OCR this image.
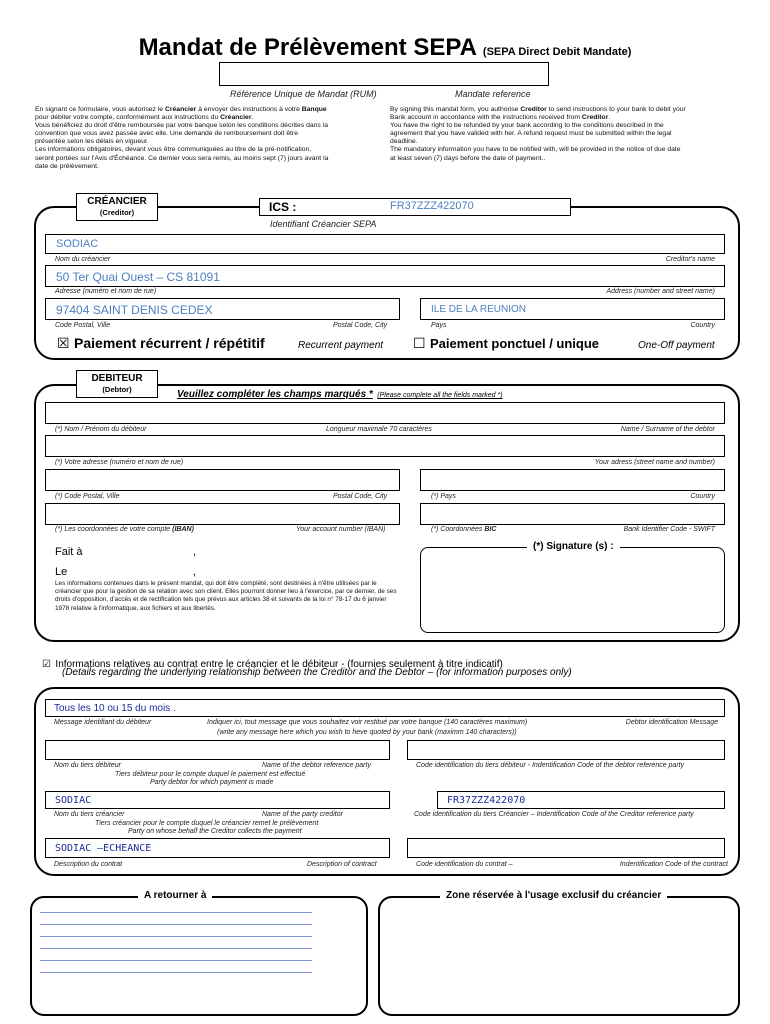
Mandat de Prélèvement SEPA (SEPA Direct Debit Mandate)
Référence Unique de Mandat (RUM)	Mandate reference
En signant ce formulaire, vous autorisez le Créancier à envoyer des instructions à votre Banque
pour débiter votre compte, conformément aux instructions du Créancier.
Vous bénéficiez du droit d'être remboursée par votre banque selon les conditions décrites dans la
convention que vous avez passée avec elle. Une demande de remboursement doit être
présentée selon les délais en vigueur.
Les informations obligatoires, devant vous être communiquées au titre de la pré-notification,
seront portées sur l'Avis d'Échéance. Ce dernier vous sera remis, au moins sept (7) jours avant la
date de prélèvement.
By signing this mandat form, you authorise Creditor to send instructions to your bank to debit your
Bank account in accordance with the instructions received from Creditor.
You have the right to be refunded by your bank according to the conditions described in the
agreement that you have valided with her. A refund request must be submitted within the legal
deadline.
The mandatory information you have to be notified with, will be provided in the notice of due date
at least seven (7) days before the date of payment..
CRÉANCIER
(Creditor)	ICS :	FR37ZZZ422070
Identifiant Créancier SEPA
SODIAC
Nom du créancier	Creditor's name
50 Ter Quai Ouest – CS 81091
Adresse (numéro et nom de rue)	Address (number and street name)
97404 SAINT DENIS CEDEX	ILE DE LA REUNION
Code Postal, Ville	Postal Code, City	Pays	Country
☒ Paiement récurrent / répétitif	Recurrent payment ☐ Paiement ponctuel / unique	One-Off payment
DEBITEUR
(Debtor)	Veuillez compléter les champs marqués * (Please complete all the fields marked *)
(*) Nom / Prénom du débiteur	Longueur maximale 70 caractères	Name / Surname of the debtor
(*) Votre adresse (numéro et nom de rue)	Your adress (street name and number)
(*) Code Postal, Ville	Postal Code, City	(*) Pays	Country
(*) Les coordonnées de votre compte (IBAN)	Your account number (IBAN)	(*) Coordonnées BIC	Bank Identifier Code - SWIFT
Fait à	,
Le	,
Les informations contenues dans le présent mandat, qui doit être complété, sont destinées à n'être utilisées par le créancier que pour la gestion de sa relation avec son client. Elles pourront donner lieu à l'exercice, par ce dernier, de ses droits d'opposition, d'accès et de rectification tels que prévus aux articles 38 et suivants de la loi n° 78-17 du 6 janvier 1978 relative à l'informatique, aux fichiers et aux libertés.
(*) Signature (s) :
☑ Informations relatives au contrat entre le créancier et le débiteur - (fournies seulement à titre indicatif)
(Details regarding the underlying relationship between the Creditor and the Debtor – (for information purposes only)
Tous les 10 ou 15 du mois .
Message identifiant du débiteur	Indiquer ici, tout message que vous souhaitez voir restitué par votre banque (140 caractères maximum)	Debtor identification Message
(write any message here which you wish to heve quoted by your bank (maximm 140 characters))
Nom du tiers débiteur	Name of the debtor reference party	Code identification du tiers débiteur - Indentification Code of the debtor reference party
Tiers débiteur pour le compte duquel le paiement est effectué
Party debtor for which payment is made
SODIAC	FR37ZZZ422070
Nom du tiers créancier	Name of the party creditor	Code identification du tiers Créancier – Indentification Code of the Creditor reference party
Tiers créancier pour le compte duquel le créancier remet le prélèvement
Party on whose behalf the Creditor collects the payment
SODIAC –ECHEANCE
Description du contrat	Description of contract	Code identification du contrat –	Indentification Code of the contract
A retourner à	Zone réservée à l'usage exclusif du créancier
